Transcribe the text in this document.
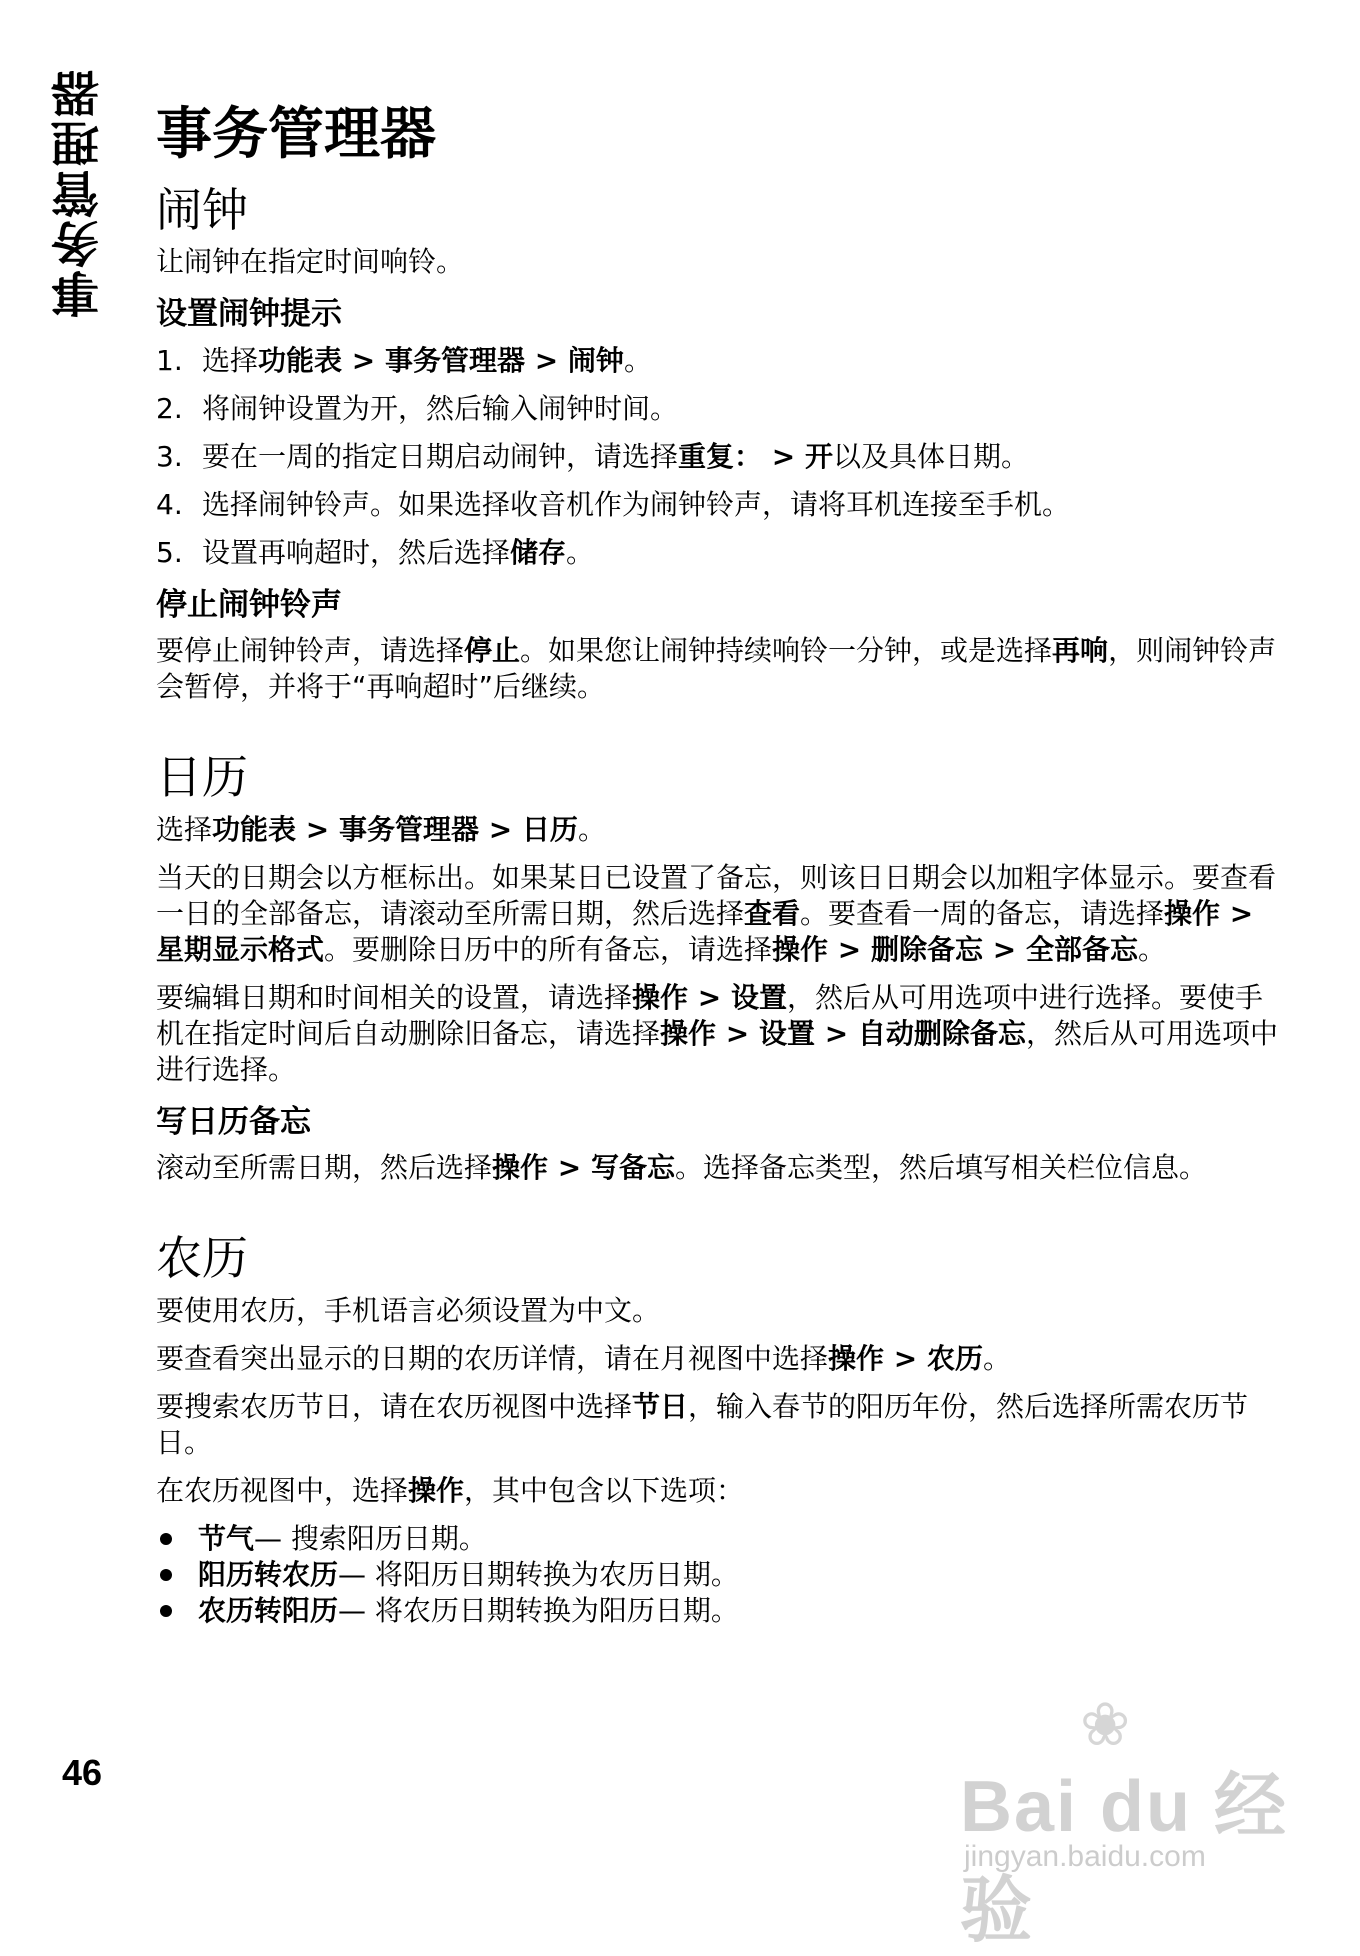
事务管理器 事务管理器
闹钟

让闹钟在指定时间响铃。

设置闹钟提示
1. 选择功能表 > 事务管理器 > 闹钟。
2. 将闹钟设置为开，然后输入闹钟时间。
3. 要在一周的指定日期启动闹钟，请选择重复： > 开以及具体日期。
4. 选择闹钟铃声。如果选择收音机作为闹钟铃声，请将耳机连接至手机。
5. 设置再响超时，然后选择储存。
停止闹钟铃声

要停止闹钟铃声，请选择停止。如果您让闹钟持续响铃一分钟，或是选择再响，则闹钟铃声会暂停，并将于“再响超时”后继续。

日历

选择功能表 > 事务管理器 > 日历。

当天的日期会以方框标出。如果某日已设置了备忘，则该日日期会以加粗字体显示。要查看一日的全部备忘，请滚动至所需日期，然后选择查看。要查看一周的备忘，请选择操作 > 星期显示格式。要删除日历中的所有备忘，请选择操作 > 删除备忘 > 全部备忘。

要编辑日期和时间相关的设置，请选择操作 > 设置，然后从可用选项中进行选择。要使手机在指定时间后自动删除旧备忘，请选择操作 > 设置 > 自动删除备忘，然后从可用选项中进行选择。

写日历备忘

滚动至所需日期，然后选择操作 > 写备忘。选择备忘类型，然后填写相关栏位信息。

农历

要使用农历，手机语言必须设置为中文。

要查看突出显示的日期的农历详情，请在月视图中选择操作 > 农历。

要搜索农历节日，请在农历视图中选择节日，输入春节的阳历年份，然后选择所需农历节日。

在农历视图中，选择操作，其中包含以下选项：

节气 — 搜索阳历日期。
阳历转农历 — 将阳历日期转换为农历日期。
农历转阳历 — 将农历日期转换为阳历日期。
46
❀
Bai du 经验
jingyan.baidu.com
